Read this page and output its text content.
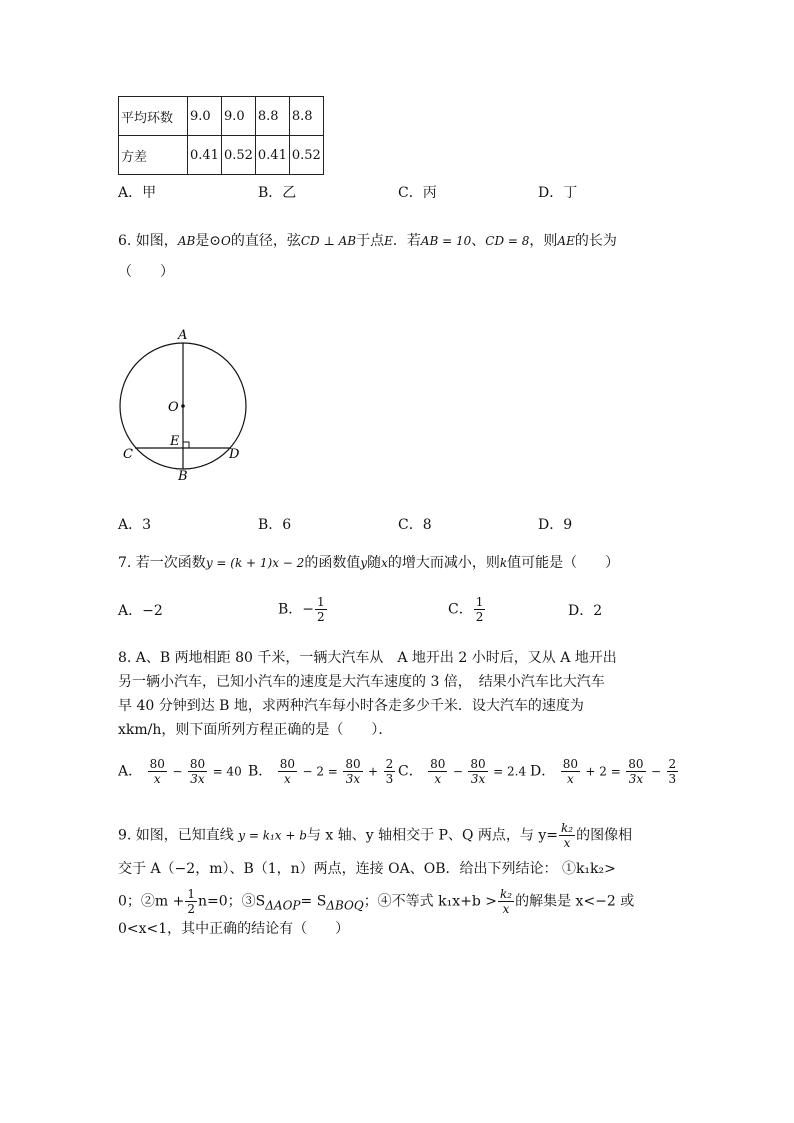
平均环数	9.0	9.0	8.8	8.8
方差	0.41	0.52	0.41	0.52
A．甲	B．乙	C．丙	D．丁
6. 如图，AB是⊙O的直径，弦CD ⊥ AB于点E．若AB = 10、CD = 8，则AE的长为
（　　）
A
O
E
C	D
B
A．3	B．6	C．8	D．9
7. 若一次函数y = (k + 1)x − 2的函数值y随x的增大而减小，则k值可能是（　　）
A．−2	B．− $\frac{1}{2}$	C． $\frac{1}{2}$	D．2
8. A、B 两地相距 80 千米，一辆大汽车从　A 地开出 2 小时后，又从 A 地开出
另一辆小汽车，已知小汽车的速度是大汽车速度的 3 倍，　结果小汽车比大汽车
早 40 分钟到达 B 地，求两种汽车每小时各走多少千米．设大汽车的速度为
xkm/h，则下面所列方程正确的是（　　）．
A． $\frac{80}{x} - \frac{80}{3x} = 40$ B． $\frac{80}{x} - 2 = \frac{80}{3x} + \frac{2}{3}$ C． $\frac{80}{x} - \frac{80}{3x} = 2.4$ D． $\frac{80}{x} + 2 = \frac{80}{3x} - \frac{2}{3}$
9. 如图，已知直线 y = k₁x + b与 x 轴、y 轴相交于 P、Q 两点，与 $y= \frac{\text{k₂}}{x}$ 的图像相
交于 A（−2，m）、B（1，n）两点，连接 OA、OB．给出下列结论： ①k₁k₂>
0；②m + $\frac{1}{2} n=0$；$③S_{\Delta AOP}= S_{\Delta BOQ}$；④不等式 $k_1x+b > \frac{\text{k₂}}{x}$ 的解集是 x<−2 或
0<x<1，其中正确的结论有（　　）
